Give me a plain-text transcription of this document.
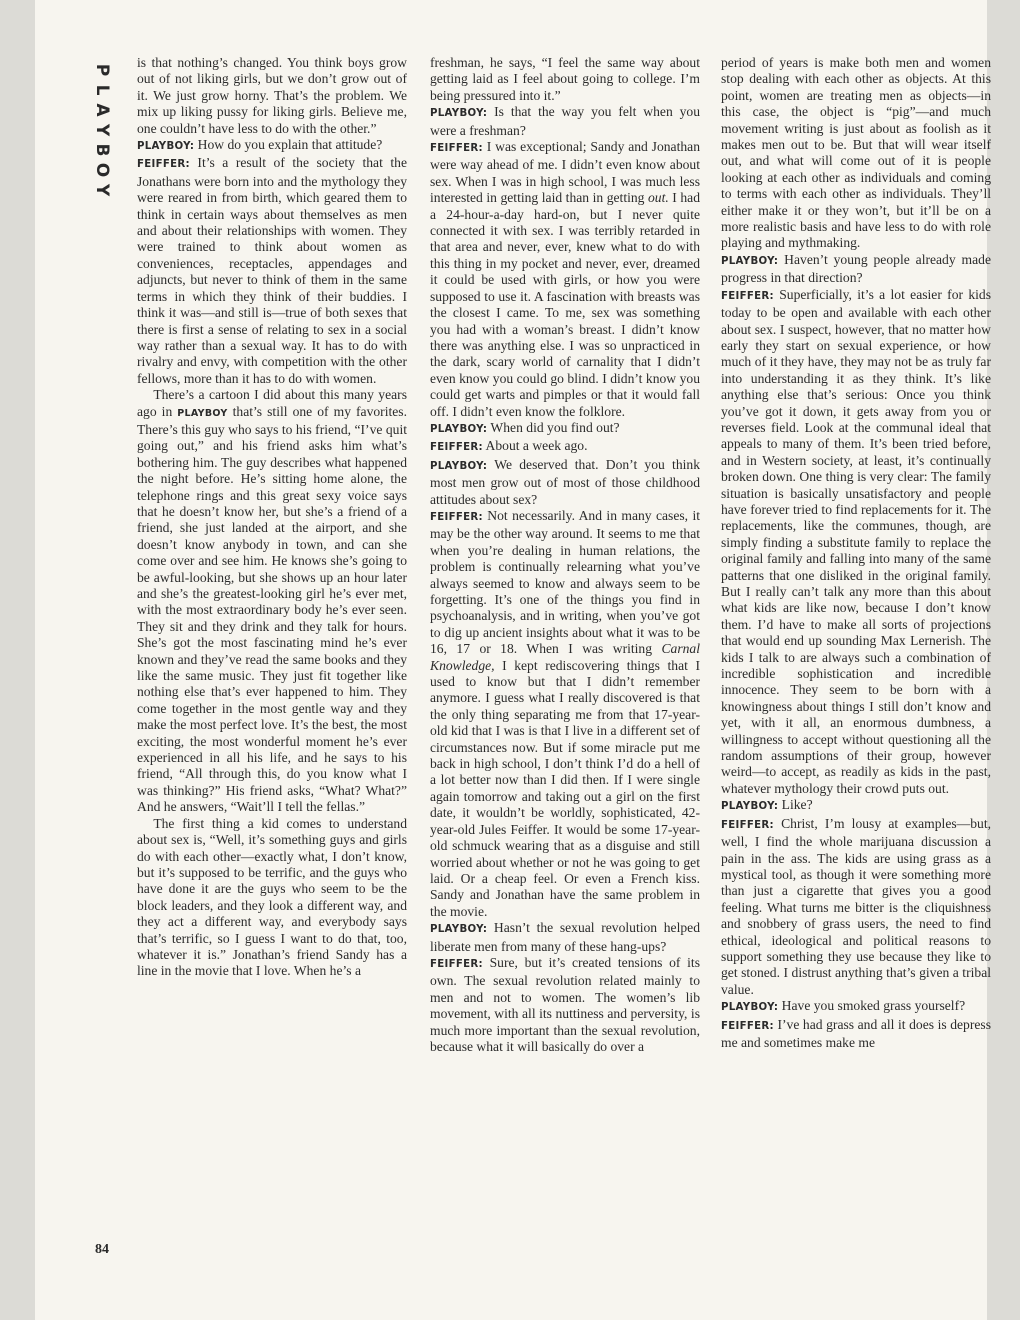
P
L
A
Y
B
O
Y
84

is that nothing’s changed. You think boys grow out of not liking girls, but we don’t grow out of it. We just grow horny. That’s the problem. We mix up liking pussy for liking girls. Believe me, one couldn’t have less to do with the other.”

PLAYBOY: How do you explain that attitude?

FEIFFER: It’s a result of the society that the Jonathans were born into and the mythology they were reared in from birth, which geared them to think in certain ways about themselves as men and about their relationships with women. They were trained to think about women as conveniences, receptacles, appendages and adjuncts, but never to think of them in the same terms in which they think of their buddies. I think it was—and still is—true of both sexes that there is first a sense of relating to sex in a social way rather than a sexual way. It has to do with rivalry and envy, with competition with the other fellows, more than it has to do with women.

There’s a cartoon I did about this many years ago in PLAYBOY that’s still one of my favorites. There’s this guy who says to his friend, “I’ve quit going out,” and his friend asks him what’s bothering him. The guy describes what happened the night before. He’s sitting home alone, the telephone rings and this great sexy voice says that he doesn’t know her, but she’s a friend of a friend, she just landed at the airport, and she doesn’t know anybody in town, and can she come over and see him. He knows she’s going to be awful-looking, but she shows up an hour later and she’s the greatest-looking girl he’s ever met, with the most extraordinary body he’s ever seen. They sit and they drink and they talk for hours. She’s got the most fascinating mind he’s ever known and they’ve read the same books and they like the same music. They just fit together like nothing else that’s ever happened to him. They come together in the most gentle way and they make the most perfect love. It’s the best, the most exciting, the most wonderful moment he’s ever experienced in all his life, and he says to his friend, “All through this, do you know what I was thinking?” His friend asks, “What? What?” And he answers, “Wait’ll I tell the fellas.”

The first thing a kid comes to understand about sex is, “Well, it’s something guys and girls do with each other—exactly what, I don’t know, but it’s supposed to be terrific, and the guys who have done it are the guys who seem to be the block leaders, and they look a different way, and they act a different way, and everybody says that’s terrific, so I guess I want to do that, too, whatever it is.” Jonathan’s friend Sandy has a line in the movie that I love. When he’s a

freshman, he says, “I feel the same way about getting laid as I feel about going to college. I’m being pressured into it.”

PLAYBOY: Is that the way you felt when you were a freshman?

FEIFFER: I was exceptional; Sandy and Jonathan were way ahead of me. I didn’t even know about sex. When I was in high school, I was much less interested in getting laid than in getting out. I had a 24-hour-a-day hard-on, but I never quite connected it with sex. I was terribly retarded in that area and never, ever, knew what to do with this thing in my pocket and never, ever, dreamed it could be used with girls, or how you were supposed to use it. A fascination with breasts was the closest I came. To me, sex was something you had with a woman’s breast. I didn’t know there was anything else. I was so unpracticed in the dark, scary world of carnality that I didn’t even know you could go blind. I didn’t know you could get warts and pimples or that it would fall off. I didn’t even know the folklore.

PLAYBOY: When did you find out?

FEIFFER: About a week ago.

PLAYBOY: We deserved that. Don’t you think most men grow out of most of those childhood attitudes about sex?

FEIFFER: Not necessarily. And in many cases, it may be the other way around. It seems to me that when you’re dealing in human relations, the problem is continually relearning what you’ve always seemed to know and always seem to be forgetting. It’s one of the things you find in psychoanalysis, and in writing, when you’ve got to dig up ancient insights about what it was to be 16, 17 or 18. When I was writing Carnal Knowledge, I kept rediscovering things that I used to know but that I didn’t remember anymore. I guess what I really discovered is that the only thing separating me from that 17-year-old kid that I was is that I live in a different set of circumstances now. But if some miracle put me back in high school, I don’t think I’d do a hell of a lot better now than I did then. If I were single again tomorrow and taking out a girl on the first date, it wouldn’t be worldly, sophisticated, 42-year-old Jules Feiffer. It would be some 17-year-old schmuck wearing that as a disguise and still worried about whether or not he was going to get laid. Or a cheap feel. Or even a French kiss. Sandy and Jonathan have the same problem in the movie.

PLAYBOY: Hasn’t the sexual revolution helped liberate men from many of these hang-ups?

FEIFFER: Sure, but it’s created tensions of its own. The sexual revolution related mainly to men and not to women. The women’s lib movement, with all its nuttiness and perversity, is much more important than the sexual revolution, because what it will basically do over a

period of years is make both men and women stop dealing with each other as objects. At this point, women are treating men as objects—in this case, the object is “pig”—and much movement writing is just about as foolish as it makes men out to be. But that will wear itself out, and what will come out of it is people looking at each other as individuals and coming to terms with each other as individuals. They’ll either make it or they won’t, but it’ll be on a more realistic basis and have less to do with role playing and mythmaking.

PLAYBOY: Haven’t young people already made progress in that direction?

FEIFFER: Superficially, it’s a lot easier for kids today to be open and available with each other about sex. I suspect, however, that no matter how early they start on sexual experience, or how much of it they have, they may not be as truly far into understanding it as they think. It’s like anything else that’s serious: Once you think you’ve got it down, it gets away from you or reverses field. Look at the communal ideal that appeals to many of them. It’s been tried before, and in Western society, at least, it’s continually broken down. One thing is very clear: The family situation is basically unsatisfactory and people have forever tried to find replacements for it. The replacements, like the communes, though, are simply finding a substitute family to replace the original family and falling into many of the same patterns that one disliked in the original family. But I really can’t talk any more than this about what kids are like now, because I don’t know them. I’d have to make all sorts of projections that would end up sounding Max Lernerish. The kids I talk to are always such a combination of incredible sophistication and incredible innocence. They seem to be born with a knowingness about things I still don’t know and yet, with it all, an enormous dumbness, a willingness to accept without questioning all the random assumptions of their group, however weird—to accept, as readily as kids in the past, whatever mythology their crowd puts out.

PLAYBOY: Like?

FEIFFER: Christ, I’m lousy at examples—but, well, I find the whole marijuana discussion a pain in the ass. The kids are using grass as a mystical tool, as though it were something more than just a cigarette that gives you a good feeling. What turns me bitter is the cliquishness and snobbery of grass users, the need to find ethical, ideological and political reasons to support something they use because they like to get stoned. I distrust anything that’s given a tribal value.

PLAYBOY: Have you smoked grass yourself?

FEIFFER: I’ve had grass and all it does is depress me and sometimes make me
